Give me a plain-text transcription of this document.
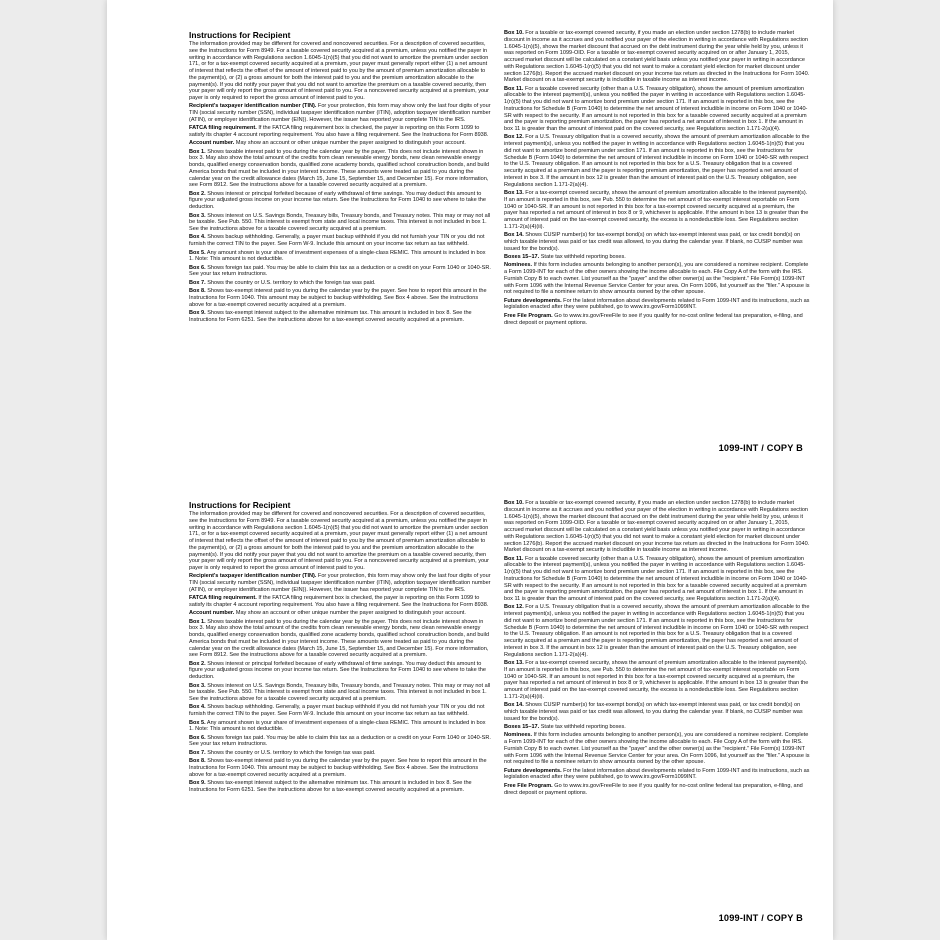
Instructions for Recipient

The information provided may be different for covered and noncovered securities. For a description of covered securities, see the Instructions for Form 8949. For a taxable covered security acquired at a premium, unless you notified the payer in writing in accordance with Regulations section 1.6045-1(n)(5) that you did not want to amortize the premium under section 171, or for a tax-exempt covered security acquired at a premium, your payer must generally report either (1) a net amount of interest that reflects the offset of the amount of interest paid to you by the amount of premium amortization allocable to the payment(s), or (2) a gross amount for both the interest paid to you and the premium amortization allocable to the payment(s). If you did notify your payer that you did not want to amortize the premium on a taxable covered security, then your payer will only report the gross amount of interest paid to you. For a noncovered security acquired at a premium, your payer is only required to report the gross amount of interest paid to you.

Recipient's taxpayer identification number (TIN). For your protection, this form may show only the last four digits of your TIN (social security number (SSN), individual taxpayer identification number (ITIN), adoption taxpayer identification number (ATIN), or employer identification number (EIN)). However, the issuer has reported your complete TIN to the IRS.

FATCA filing requirement. If the FATCA filing requirement box is checked, the payer is reporting on this Form 1099 to satisfy its chapter 4 account reporting requirement. You also have a filing requirement. See the Instructions for Form 8938.

Account number. May show an account or other unique number the payer assigned to distinguish your account.

Box 1. Shows taxable interest paid to you during the calendar year by the payer. This does not include interest shown in box 3. May also show the total amount of the credits from clean renewable energy bonds, new clean renewable energy bonds, qualified energy conservation bonds, qualified zone academy bonds, qualified school construction bonds, and build America bonds that must be included in your interest income. These amounts were treated as paid to you during the calendar year on the credit allowance dates (March 15, June 15, September 15, and December 15). For more information, see Form 8912. See the instructions above for a taxable covered security acquired at a premium.

Box 2. Shows interest or principal forfeited because of early withdrawal of time savings. You may deduct this amount to figure your adjusted gross income on your income tax return. See the Instructions for Form 1040 to see where to take the deduction.

Box 3. Shows interest on U.S. Savings Bonds, Treasury bills, Treasury bonds, and Treasury notes. This may or may not all be taxable. See Pub. 550. This interest is exempt from state and local income taxes. This interest is not included in box 1. See the instructions above for a taxable covered security acquired at a premium.

Box 4. Shows backup withholding. Generally, a payer must backup withhold if you did not furnish your TIN or you did not furnish the correct TIN to the payer. See Form W-9. Include this amount on your income tax return as tax withheld.

Box 5. Any amount shown is your share of investment expenses of a single-class REMIC. This amount is included in box 1. Note: This amount is not deductible.

Box 6. Shows foreign tax paid. You may be able to claim this tax as a deduction or a credit on your Form 1040 or 1040-SR. See your tax return instructions.

Box 7. Shows the country or U.S. territory to which the foreign tax was paid.

Box 8. Shows tax-exempt interest paid to you during the calendar year by the payer. See how to report this amount in the Instructions for Form 1040. This amount may be subject to backup withholding. See Box 4 above. See the instructions above for a tax-exempt covered security acquired at a premium.

Box 9. Shows tax-exempt interest subject to the alternative minimum tax. This amount is included in box 8. See the Instructions for Form 6251. See the instructions above for a tax-exempt covered security acquired at a premium.

Box 10. For a taxable or tax-exempt covered security, if you made an election under section 1278(b) to include market discount in income as it accrues and you notified your payer of the election in writing in accordance with Regulations section 1.6045-1(n)(5), shows the market discount that accrued on the debt instrument during the year while held by you, unless it was reported on Form 1099-OID. For a taxable or tax-exempt covered security acquired on or after January 1, 2015, accrued market discount will be calculated on a constant yield basis unless you notified your payer in writing in accordance with Regulations section 1.6045-1(n)(5) that you did not want to make a constant yield election for market discount under section 1276(b). Report the accrued market discount on your income tax return as directed in the Instructions for Form 1040. Market discount on a tax-exempt security is includible in taxable income as interest income.

Box 11. For a taxable covered security (other than a U.S. Treasury obligation), shows the amount of premium amortization allocable to the interest payment(s), unless you notified the payer in writing in accordance with Regulations section 1.6045-1(n)(5) that you did not want to amortize bond premium under section 171. If an amount is reported in this box, see the Instructions for Schedule B (Form 1040) to determine the net amount of interest includible in income on Form 1040 or 1040-SR with respect to the security. If an amount is not reported in this box for a taxable covered security acquired at a premium and the payer is reporting premium amortization, the payer has reported a net amount of interest in box 1. If the amount in box 11 is greater than the amount of interest paid on the covered security, see Regulations section 1.171-2(a)(4).

Box 12. For a U.S. Treasury obligation that is a covered security, shows the amount of premium amortization allocable to the interest payment(s), unless you notified the payer in writing in accordance with Regulations section 1.6045-1(n)(5) that you did not want to amortize bond premium under section 171. If an amount is reported in this box, see the Instructions for Schedule B (Form 1040) to determine the net amount of interest includible in income on Form 1040 or 1040-SR with respect to the U.S. Treasury obligation. If an amount is not reported in this box for a U.S. Treasury obligation that is a covered security acquired at a premium and the payer is reporting premium amortization, the payer has reported a net amount of interest in box 3. If the amount in box 12 is greater than the amount of interest paid on the U.S. Treasury obligation, see Regulations section 1.171-2(a)(4).

Box 13. For a tax-exempt covered security, shows the amount of premium amortization allocable to the interest payment(s). If an amount is reported in this box, see Pub. 550 to determine the net amount of tax-exempt interest reportable on Form 1040 or 1040-SR. If an amount is not reported in this box for a tax-exempt covered security acquired at a premium, the payer has reported a net amount of interest in box 8 or 9, whichever is applicable. If the amount in box 13 is greater than the amount of interest paid on the tax-exempt covered security, the excess is a nondeductible loss. See Regulations section 1.171-2(a)(4)(ii).

Box 14. Shows CUSIP number(s) for tax-exempt bond(s) on which tax-exempt interest was paid, or tax credit bond(s) on which taxable interest was paid or tax credit was allowed, to you during the calendar year. If blank, no CUSIP number was issued for the bond(s).

Boxes 15–17. State tax withheld reporting boxes.

Nominees. If this form includes amounts belonging to another person(s), you are considered a nominee recipient. Complete a Form 1099-INT for each of the other owners showing the income allocable to each. File Copy A of the form with the IRS. Furnish Copy B to each owner. List yourself as the "payer" and the other owner(s) as the "recipient." File Form(s) 1099-INT with Form 1096 with the Internal Revenue Service Center for your area. On Form 1096, list yourself as the "filer." A spouse is not required to file a nominee return to show amounts owned by the other spouse.

Future developments. For the latest information about developments related to Form 1099-INT and its instructions, such as legislation enacted after they were published, go to www.irs.gov/Form1099INT.

Free File Program. Go to www.irs.gov/FreeFile to see if you qualify for no-cost online federal tax preparation, e-filing, and direct deposit or payment options.

1099-INT / COPY B
Instructions for Recipient

The information provided may be different for covered and noncovered securities. For a description of covered securities, see the Instructions for Form 8949. For a taxable covered security acquired at a premium, unless you notified the payer in writing in accordance with Regulations section 1.6045-1(n)(5) that you did not want to amortize the premium under section 171, or for a tax-exempt covered security acquired at a premium, your payer must generally report either (1) a net amount of interest that reflects the offset of the amount of interest paid to you by the amount of premium amortization allocable to the payment(s), or (2) a gross amount for both the interest paid to you and the premium amortization allocable to the payment(s). If you did notify your payer that you did not want to amortize the premium on a taxable covered security, then your payer will only report the gross amount of interest paid to you. For a noncovered security acquired at a premium, your payer is only required to report the gross amount of interest paid to you.

Recipient's taxpayer identification number (TIN). For your protection, this form may show only the last four digits of your TIN (social security number (SSN), individual taxpayer identification number (ITIN), adoption taxpayer identification number (ATIN), or employer identification number (EIN)). However, the issuer has reported your complete TIN to the IRS.

FATCA filing requirement. If the FATCA filing requirement box is checked, the payer is reporting on this Form 1099 to satisfy its chapter 4 account reporting requirement. You also have a filing requirement. See the Instructions for Form 8938.

Account number. May show an account or other unique number the payer assigned to distinguish your account.

Box 1. Shows taxable interest paid to you during the calendar year by the payer. This does not include interest shown in box 3. May also show the total amount of the credits from clean renewable energy bonds, new clean renewable energy bonds, qualified energy conservation bonds, qualified zone academy bonds, qualified school construction bonds, and build America bonds that must be included in your interest income. These amounts were treated as paid to you during the calendar year on the credit allowance dates (March 15, June 15, September 15, and December 15). For more information, see Form 8912. See the instructions above for a taxable covered security acquired at a premium.

Box 2. Shows interest or principal forfeited because of early withdrawal of time savings. You may deduct this amount to figure your adjusted gross income on your income tax return. See the Instructions for Form 1040 to see where to take the deduction.

Box 3. Shows interest on U.S. Savings Bonds, Treasury bills, Treasury bonds, and Treasury notes. This may or may not all be taxable. See Pub. 550. This interest is exempt from state and local income taxes. This interest is not included in box 1. See the instructions above for a taxable covered security acquired at a premium.

Box 4. Shows backup withholding. Generally, a payer must backup withhold if you did not furnish your TIN or you did not furnish the correct TIN to the payer. See Form W-9. Include this amount on your income tax return as tax withheld.

Box 5. Any amount shown is your share of investment expenses of a single-class REMIC. This amount is included in box 1. Note: This amount is not deductible.

Box 6. Shows foreign tax paid. You may be able to claim this tax as a deduction or a credit on your Form 1040 or 1040-SR. See your tax return instructions.

Box 7. Shows the country or U.S. territory to which the foreign tax was paid.

Box 8. Shows tax-exempt interest paid to you during the calendar year by the payer. See how to report this amount in the Instructions for Form 1040. This amount may be subject to backup withholding. See Box 4 above. See the instructions above for a tax-exempt covered security acquired at a premium.

Box 9. Shows tax-exempt interest subject to the alternative minimum tax. This amount is included in box 8. See the Instructions for Form 6251. See the instructions above for a tax-exempt covered security acquired at a premium.

Box 10. For a taxable or tax-exempt covered security, if you made an election under section 1278(b) to include market discount in income as it accrues and you notified your payer of the election in writing in accordance with Regulations section 1.6045-1(n)(5), shows the market discount that accrued on the debt instrument during the year while held by you, unless it was reported on Form 1099-OID. For a taxable or tax-exempt covered security acquired on or after January 1, 2015, accrued market discount will be calculated on a constant yield basis unless you notified your payer in writing in accordance with Regulations section 1.6045-1(n)(5) that you did not want to make a constant yield election for market discount under section 1276(b). Report the accrued market discount on your income tax return as directed in the Instructions for Form 1040. Market discount on a tax-exempt security is includible in taxable income as interest income.

Box 11. For a taxable covered security (other than a U.S. Treasury obligation), shows the amount of premium amortization allocable to the interest payment(s), unless you notified the payer in writing in accordance with Regulations section 1.6045-1(n)(5) that you did not want to amortize bond premium under section 171. If an amount is reported in this box, see the Instructions for Schedule B (Form 1040) to determine the net amount of interest includible in income on Form 1040 or 1040-SR with respect to the security. If an amount is not reported in this box for a taxable covered security acquired at a premium and the payer is reporting premium amortization, the payer has reported a net amount of interest in box 1. If the amount in box 11 is greater than the amount of interest paid on the covered security, see Regulations section 1.171-2(a)(4).

Box 12. For a U.S. Treasury obligation that is a covered security, shows the amount of premium amortization allocable to the interest payment(s), unless you notified the payer in writing in accordance with Regulations section 1.6045-1(n)(5) that you did not want to amortize bond premium under section 171. If an amount is reported in this box, see the Instructions for Schedule B (Form 1040) to determine the net amount of interest includible in income on Form 1040 or 1040-SR with respect to the U.S. Treasury obligation. If an amount is not reported in this box for a U.S. Treasury obligation that is a covered security acquired at a premium and the payer is reporting premium amortization, the payer has reported a net amount of interest in box 3. If the amount in box 12 is greater than the amount of interest paid on the U.S. Treasury obligation, see Regulations section 1.171-2(a)(4).

Box 13. For a tax-exempt covered security, shows the amount of premium amortization allocable to the interest payment(s). If an amount is reported in this box, see Pub. 550 to determine the net amount of tax-exempt interest reportable on Form 1040 or 1040-SR. If an amount is not reported in this box for a tax-exempt covered security acquired at a premium, the payer has reported a net amount of interest in box 8 or 9, whichever is applicable. If the amount in box 13 is greater than the amount of interest paid on the tax-exempt covered security, the excess is a nondeductible loss. See Regulations section 1.171-2(a)(4)(ii).

Box 14. Shows CUSIP number(s) for tax-exempt bond(s) on which tax-exempt interest was paid, or tax credit bond(s) on which taxable interest was paid or tax credit was allowed, to you during the calendar year. If blank, no CUSIP number was issued for the bond(s).

Boxes 15–17. State tax withheld reporting boxes.

Nominees. If this form includes amounts belonging to another person(s), you are considered a nominee recipient. Complete a Form 1099-INT for each of the other owners showing the income allocable to each. File Copy A of the form with the IRS. Furnish Copy B to each owner. List yourself as the "payer" and the other owner(s) as the "recipient." File Form(s) 1099-INT with Form 1096 with the Internal Revenue Service Center for your area. On Form 1096, list yourself as the "filer." A spouse is not required to file a nominee return to show amounts owned by the other spouse.

Future developments. For the latest information about developments related to Form 1099-INT and its instructions, such as legislation enacted after they were published, go to www.irs.gov/Form1099INT.

Free File Program. Go to www.irs.gov/FreeFile to see if you qualify for no-cost online federal tax preparation, e-filing, and direct deposit or payment options.

1099-INT / COPY B
